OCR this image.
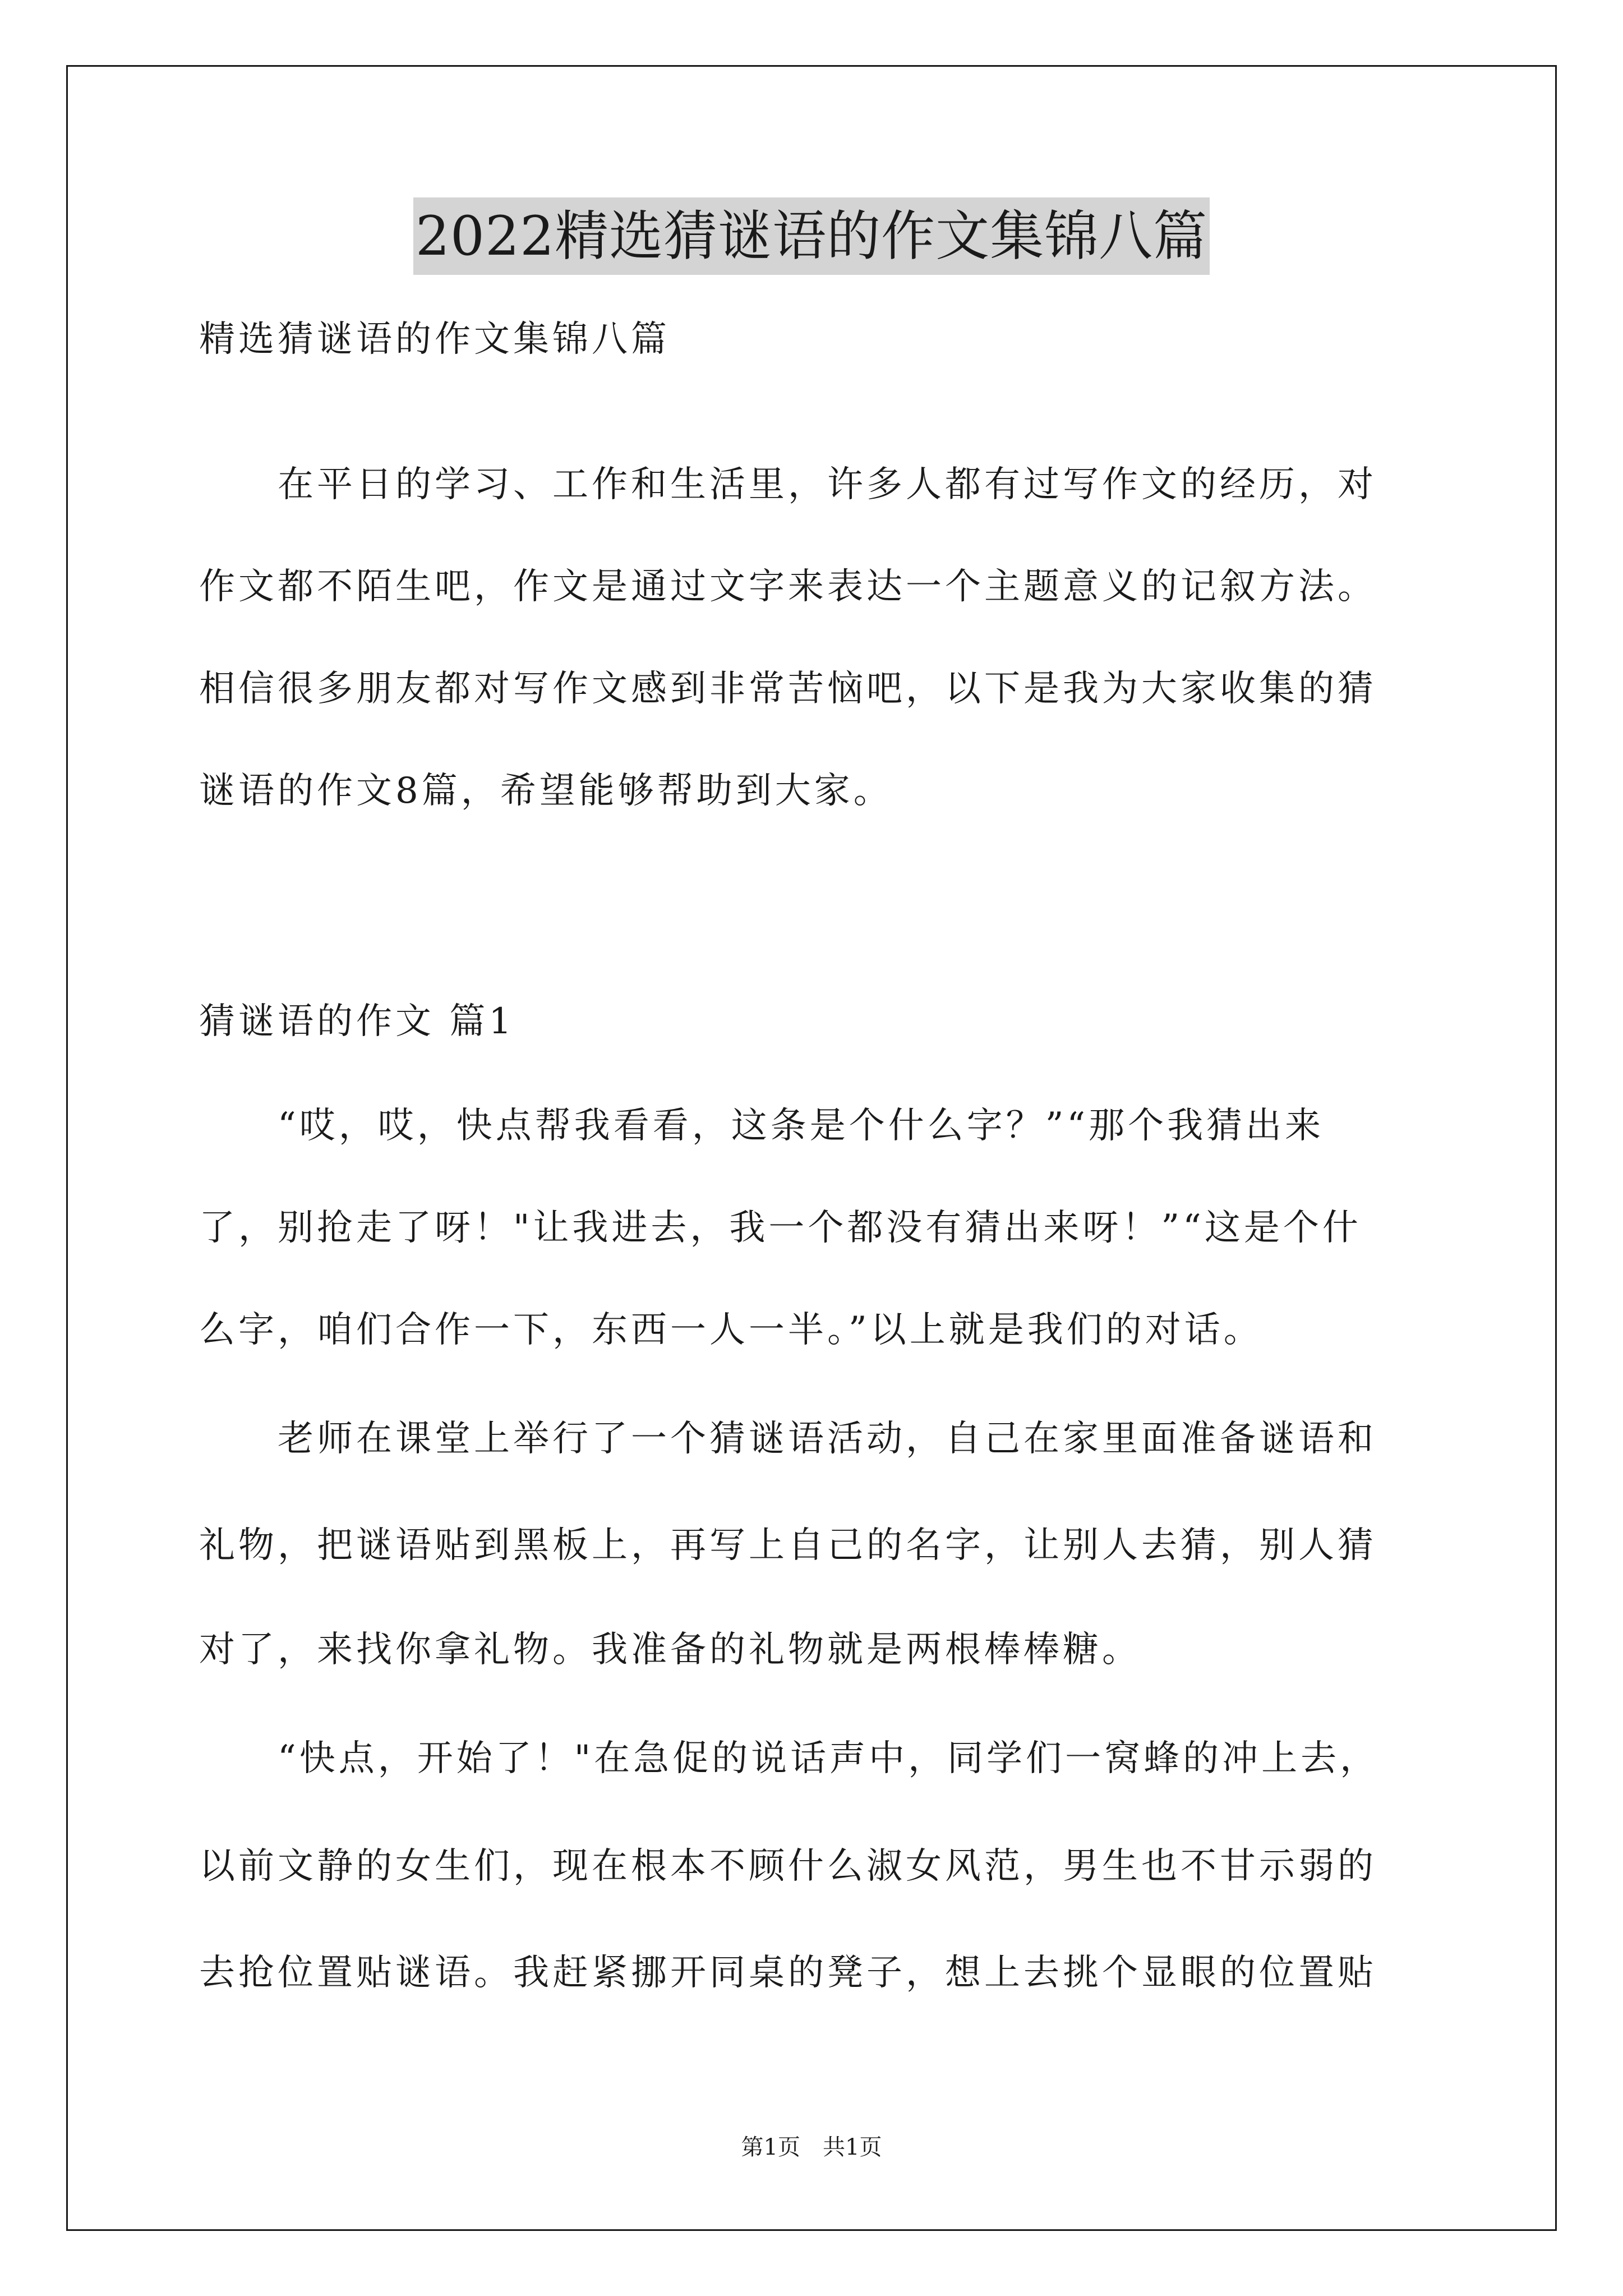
2022精选猜谜语的作文集锦八篇
精选猜谜语的作文集锦八篇
　　在平日的学习、工作和生活里，许多人都有过写作文的经历，对
作文都不陌生吧，作文是通过文字来表达一个主题意义的记叙方法。
相信很多朋友都对写作文感到非常苦恼吧，以下是我为大家收集的猜
谜语的作文8篇，希望能够帮助到大家。
猜谜语的作文 篇1
　　“哎，哎，快点帮我看看，这条是个什么字？”“那个我猜出来
了，别抢走了呀！"让我进去，我一个都没有猜出来呀！”“这是个什
么字，咱们合作一下，东西一人一半。”以上就是我们的对话。
　　老师在课堂上举行了一个猜谜语活动，自己在家里面准备谜语和
礼物，把谜语贴到黑板上，再写上自己的名字，让别人去猜，别人猜
对了，来找你拿礼物。我准备的礼物就是两根棒棒糖。
　　“快点，开始了！"在急促的说话声中，同学们一窝蜂的冲上去，
以前文静的女生们，现在根本不顾什么淑女风范，男生也不甘示弱的
去抢位置贴谜语。我赶紧挪开同桌的凳子，想上去挑个显眼的位置贴
第1页　共1页
